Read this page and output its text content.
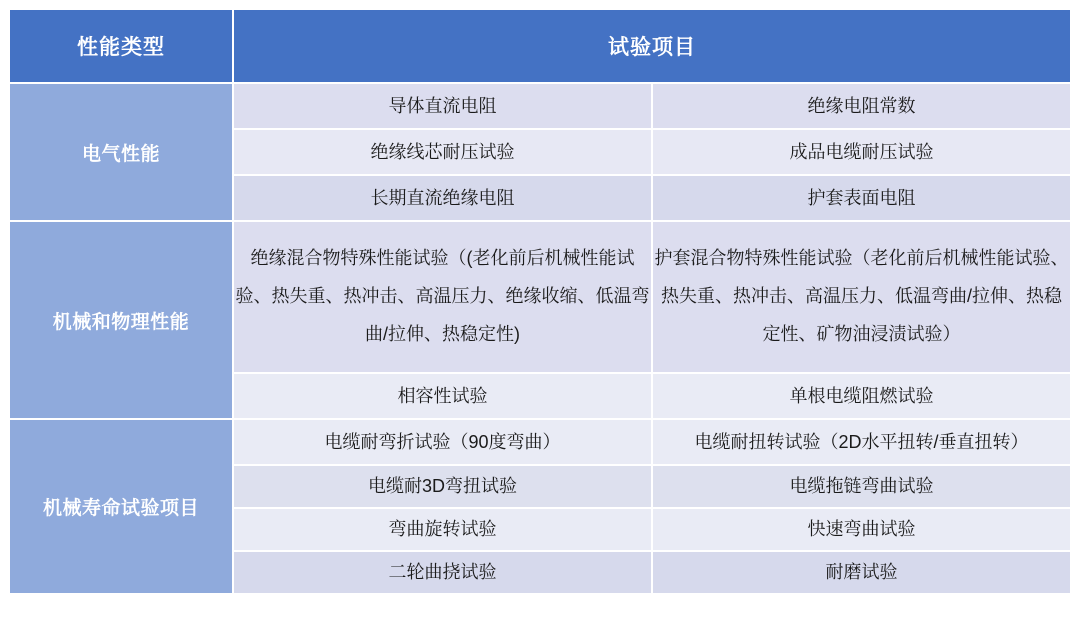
性能类型	试验项目	
电气性能	导体直流电阻	绝缘电阻常数
	绝缘线芯耐压试验	成品电缆耐压试验
	长期直流绝缘电阻	护套表面电阻
机械和物理性能	绝缘混合物特殊性能试验（(老化前后机械性能试验、热失重、热冲击、高温压力、绝缘收缩、低温弯曲/拉伸、热稳定性)	护套混合物特殊性能试验（老化前后机械性能试验、热失重、热冲击、高温压力、低温弯曲/拉伸、热稳定性、矿物油浸渍试验）
	相容性试验	单根电缆阻燃试验
机械寿命试验项目	电缆耐弯折试验（90度弯曲）	电缆耐扭转试验（2D水平扭转/垂直扭转）
	电缆耐3D弯扭试验	电缆拖链弯曲试验
	弯曲旋转试验	快速弯曲试验
	二轮曲挠试验	耐磨试验
